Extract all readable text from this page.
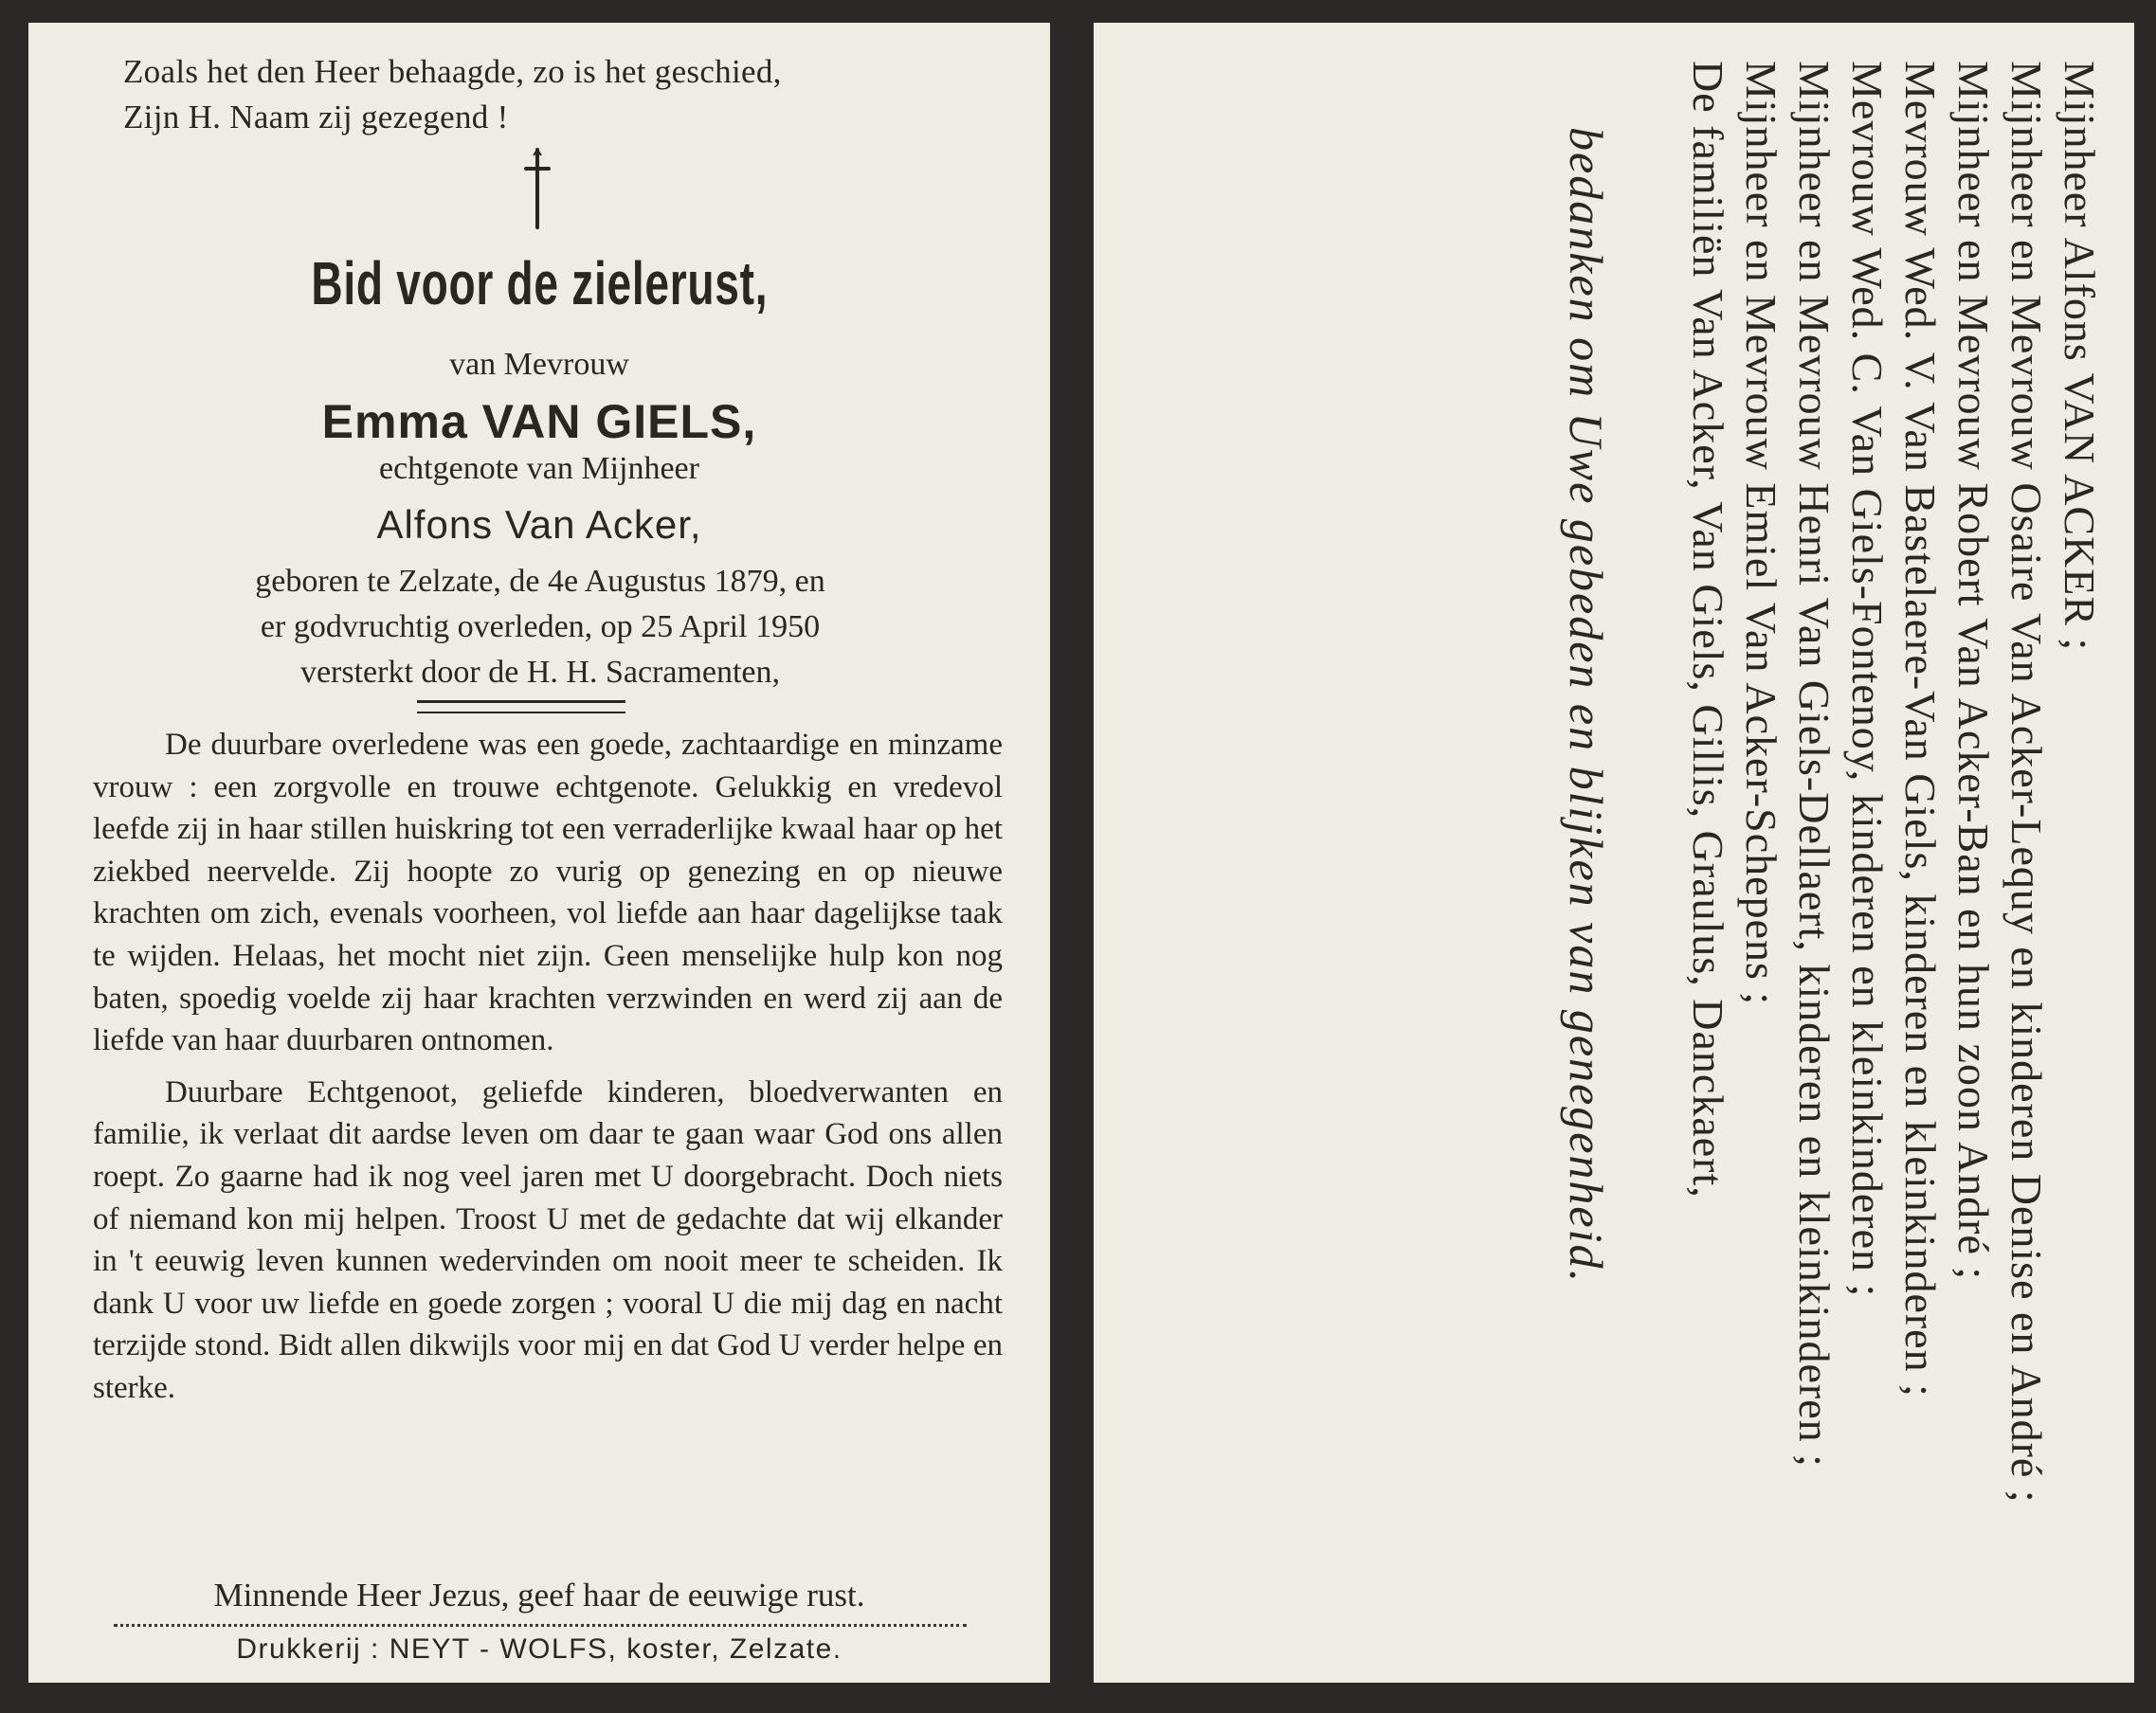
Zoals het den Heer behaagde, zo is het geschied,
Zijn H. Naam zij gezegend !
Bid voor de zielerust,
van Mevrouw
Emma VAN GIELS,
echtgenote van Mijnheer
Alfons Van Acker,
geboren te Zelzate, de 4e Augustus 1879, en
er godvruchtig overleden, op 25 April 1950
versterkt door de H. H. Sacramenten,

De duurbare overledene was een goede, zachtaardige en minzame vrouw : een zorgvolle en trouwe echtgenote. Gelukkig en vredevol leefde zij in haar stillen huiskring tot een verraderlijke kwaal haar op het ziekbed neervelde. Zij hoopte zo vurig op genezing en op nieuwe krachten om zich, evenals voorheen, vol liefde aan haar dagelijkse taak te wijden. Helaas, het mocht niet zijn. Geen menselijke hulp kon nog baten, spoedig voelde zij haar krachten verzwinden en werd zij aan de liefde van haar duurbaren ontnomen.

Duurbare Echtgenoot, geliefde kinderen, bloedverwanten en familie, ik verlaat dit aardse leven om daar te gaan waar God ons allen roept. Zo gaarne had ik nog veel jaren met U doorgebracht. Doch niets of niemand kon mij helpen. Troost U met de gedachte dat wij elkander in 't eeuwig leven kunnen wedervinden om nooit meer te scheiden. Ik dank U voor uw liefde en goede zorgen ; vooral U die mij dag en nacht terzijde stond. Bidt allen dikwijls voor mij en dat God U verder helpe en sterke.

Minnende Heer Jezus, geef haar de eeuwige rust.
Drukkerij : NEYT - WOLFS, koster, Zelzate.
Mijnheer Alfons VAN ACKER ;
Mijnheer en Mevrouw Osaire Van Acker-Lequy en kinderen Denise en André ;
Mijnheer en Mevrouw Robert Van Acker-Ban en hun zoon André ;
Mevrouw Wed. V. Van Bastelaere-Van Giels, kinderen en kleinkinderen ;
Mevrouw Wed. C. Van Giels-Fontenoy, kinderen en kleinkinderen ;
Mijnheer en Mevrouw Henri Van Giels-Dellaert, kinderen en kleinkinderen ;
Mijnheer en Mevrouw Emiel Van Acker-Schepens ;
De familiën Van Acker, Van Giels, Gillis, Graulus, Danckaert,
bedanken om Uwe gebeden en blijken van genegenheid.
